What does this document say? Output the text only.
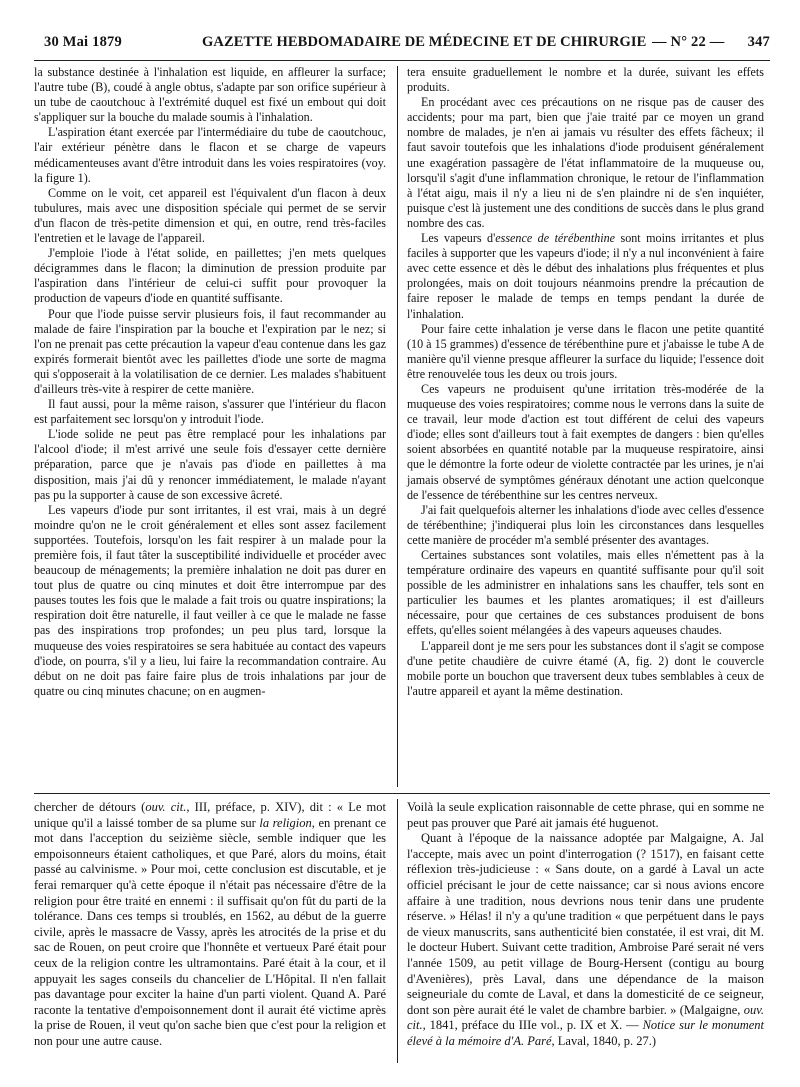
30 Mai 1879	GAZETTE HEBDOMADAIRE DE MÉDECINE ET DE CHIRURGIE — N° 22 — 347

la substance destinée à l'inhalation est liquide, en affleurer la surface; l'autre tube (B), coudé à angle obtus, s'adapte par son orifice supérieur à un tube de caoutchouc à l'extrémité duquel est fixé un embout qui doit s'appliquer sur la bouche du malade soumis à l'inhalation.

L'aspiration étant exercée par l'intermédiaire du tube de caoutchouc, l'air extérieur pénètre dans le flacon et se charge de vapeurs médicamenteuses avant d'être introduit dans les voies respiratoires (voy. la figure 1).

Comme on le voit, cet appareil est l'équivalent d'un flacon à deux tubulures, mais avec une disposition spéciale qui permet de se servir d'un flacon de très-petite dimension et qui, en outre, rend très-faciles l'entretien et le lavage de l'appareil.

J'emploie l'iode à l'état solide, en paillettes; j'en mets quelques décigrammes dans le flacon; la diminution de pression produite par l'aspiration dans l'intérieur de celui-ci suffit pour provoquer la production de vapeurs d'iode en quantité suffisante.

Pour que l'iode puisse servir plusieurs fois, il faut recommander au malade de faire l'inspiration par la bouche et l'expiration par le nez; si l'on ne prenait pas cette précaution la vapeur d'eau contenue dans les gaz expirés formerait bientôt avec les paillettes d'iode une sorte de magma qui s'opposerait à la volatilisation de ce dernier. Les malades s'habituent d'ailleurs très-vite à respirer de cette manière.

Il faut aussi, pour la même raison, s'assurer que l'intérieur du flacon est parfaitement sec lorsqu'on y introduit l'iode.

L'iode solide ne peut pas être remplacé pour les inhalations par l'alcool d'iode; il m'est arrivé une seule fois d'essayer cette dernière préparation, parce que je n'avais pas d'iode en paillettes à ma disposition, mais j'ai dû y renoncer immédiatement, le malade n'ayant pas pu la supporter à cause de son excessive âcreté.

Les vapeurs d'iode pur sont irritantes, il est vrai, mais à un degré moindre qu'on ne le croit généralement et elles sont assez facilement supportées. Toutefois, lorsqu'on les fait respirer à un malade pour la première fois, il faut tâter la susceptibilité individuelle et procéder avec beaucoup de ménagements; la première inhalation ne doit pas durer en tout plus de quatre ou cinq minutes et doit être interrompue par des pauses toutes les fois que le malade a fait trois ou quatre inspirations; la respiration doit être naturelle, il faut veiller à ce que le malade ne fasse pas des inspirations trop profondes; un peu plus tard, lorsque la muqueuse des voies respiratoires se sera habituée au contact des vapeurs d'iode, on pourra, s'il y a lieu, lui faire la recommandation contraire. Au début on ne doit pas faire faire plus de trois inhalations par jour de quatre ou cinq minutes chacune; on en augmen-

tera ensuite graduellement le nombre et la durée, suivant les effets produits.

En procédant avec ces précautions on ne risque pas de causer des accidents; pour ma part, bien que j'aie traité par ce moyen un grand nombre de malades, je n'en ai jamais vu résulter des effets fâcheux; il faut savoir toutefois que les inhalations d'iode produisent généralement une exagération passagère de l'état inflammatoire de la muqueuse ou, lorsqu'il s'agit d'une inflammation chronique, le retour de l'inflammation à l'état aigu, mais il n'y a lieu ni de s'en plaindre ni de s'en inquiéter, puisque c'est là justement une des conditions de succès dans le plus grand nombre des cas.

Les vapeurs d'essence de térébenthine sont moins irritantes et plus faciles à supporter que les vapeurs d'iode; il n'y a nul inconvénient à faire avec cette essence et dès le début des inhalations plus fréquentes et plus prolongées, mais on doit toujours néanmoins prendre la précaution de faire reposer le malade de temps en temps pendant la durée de l'inhalation.

Pour faire cette inhalation je verse dans le flacon une petite quantité (10 à 15 grammes) d'essence de térébenthine pure et j'abaisse le tube A de manière qu'il vienne presque affleurer la surface du liquide; l'essence doit être renouvelée tous les deux ou trois jours.

Ces vapeurs ne produisent qu'une irritation très-modérée de la muqueuse des voies respiratoires; comme nous le verrons dans la suite de ce travail, leur mode d'action est tout différent de celui des vapeurs d'iode; elles sont d'ailleurs tout à fait exemptes de dangers : bien qu'elles soient absorbées en quantité notable par la muqueuse respiratoire, ainsi que le démontre la forte odeur de violette contractée par les urines, je n'ai jamais observé de symptômes généraux dénotant une action quelconque de l'essence de térébenthine sur les centres nerveux.

J'ai fait quelquefois alterner les inhalations d'iode avec celles d'essence de térébenthine; j'indiquerai plus loin les circonstances dans lesquelles cette manière de procéder m'a semblé présenter des avantages.

Certaines substances sont volatiles, mais elles n'émettent pas à la température ordinaire des vapeurs en quantité suffisante pour qu'il soit possible de les administrer en inhalations sans les chauffer, tels sont en particulier les baumes et les plantes aromatiques; il est d'ailleurs nécessaire, pour que certaines de ces substances produisent de bons effets, qu'elles soient mélangées à des vapeurs aqueuses chaudes.

L'appareil dont je me sers pour les substances dont il s'agit se compose d'une petite chaudière de cuivre étamé (A, fig. 2) dont le couvercle mobile porte un bouchon que traversent deux tubes semblables à ceux de l'autre appareil et ayant la même destination.

chercher de détours (ouv. cit., III, préface, p. XIV), dit : « Le mot unique qu'il a laissé tomber de sa plume sur la religion, en prenant ce mot dans l'acception du seizième siècle, semble indiquer que les empoisonneurs étaient catholiques, et que Paré, alors du moins, était passé au calvinisme. » Pour moi, cette conclusion est discutable, et je ferai remarquer qu'à cette époque il n'était pas nécessaire d'être de la religion pour être traité en ennemi : il suffisait qu'on fût du parti de la tolérance. Dans ces temps si troublés, en 1562, au début de la guerre civile, après le massacre de Vassy, après les atrocités de la prise et du sac de Rouen, on peut croire que l'honnête et vertueux Paré était pour ceux de la religion contre les ultramontains. Paré était à la cour, et il appuyait les sages conseils du chancelier de L'Hôpital. Il n'en fallait pas davantage pour exciter la haine d'un parti violent. Quand A. Paré raconte la tentative d'empoisonnement dont il aurait été victime après la prise de Rouen, il veut qu'on sache bien que c'est pour la religion et non pour une autre cause.

Voilà la seule explication raisonnable de cette phrase, qui en somme ne peut pas prouver que Paré ait jamais été huguenot.

Quant à l'époque de la naissance adoptée par Malgaigne, A. Jal l'accepte, mais avec un point d'interrogation (? 1517), en faisant cette réflexion très-judicieuse : « Sans doute, on a gardé à Laval un acte officiel précisant le jour de cette naissance; car si nous avions encore affaire à une tradition, nous devrions nous tenir dans une prudente réserve. » Hélas! il n'y a qu'une tradition « que perpétuent dans le pays de vieux manuscrits, sans authenticité bien constatée, il est vrai, dit M. le docteur Hubert. Suivant cette tradition, Ambroise Paré serait né vers l'année 1509, au petit village de Bourg-Hersent (contigu au bourg d'Avenières), près Laval, dans une dépendance de la maison seigneuriale du comte de Laval, et dans la domesticité de ce seigneur, dont son père aurait été le valet de chambre barbier. » (Malgaigne, ouv. cit., 1841, préface du IIIe vol., p. IX et X. — Notice sur le monument élevé à la mémoire d'A. Paré, Laval, 1840, p. 27.)
